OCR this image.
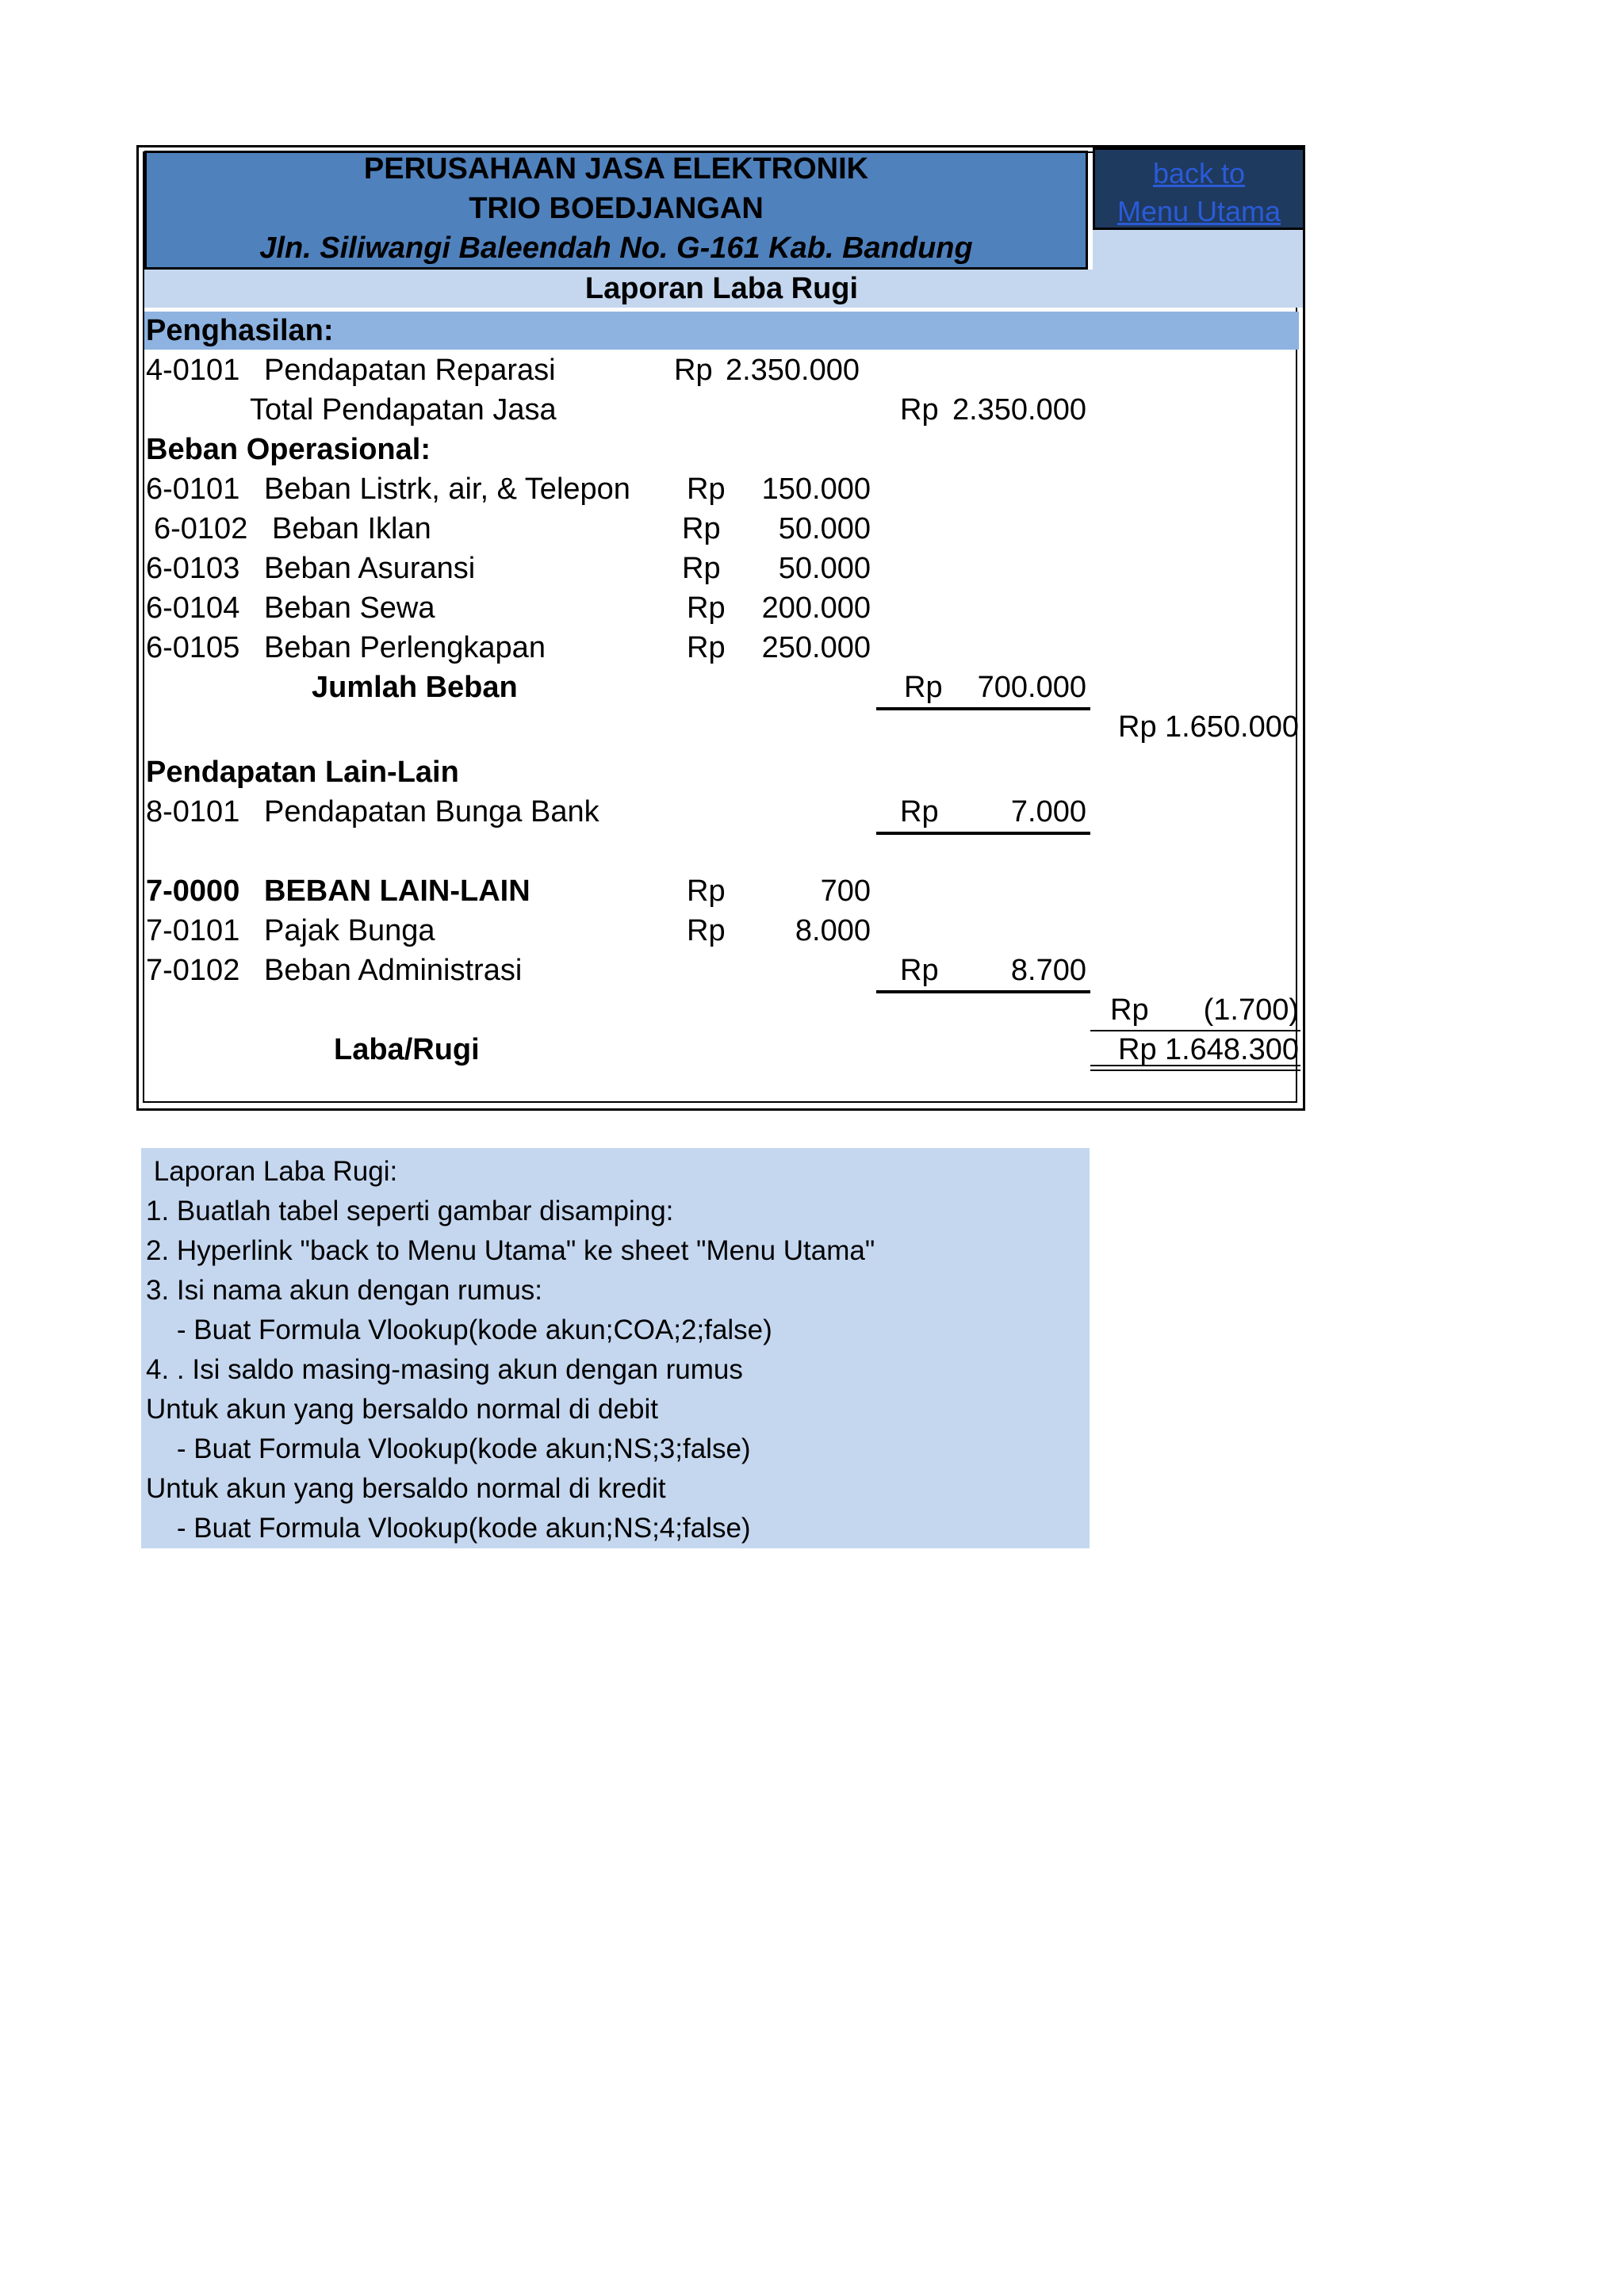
PERUSAHAAN JASA ELEKTRONIK
TRIO BOEDJANGAN
Jln. Siliwangi Baleendah No. G-161 Kab. Bandung
back to
Menu Utama
Laporan Laba Rugi
Penghasilan:
4-0101 Pendapatan Reparasi	Rp 2.350.000
Total Pendapatan Jasa	Rp 2.350.000
Beban Operasional:
6-0101 Beban Listrk, air, & Telepon Rp	150.000
6-0102 Beban Iklan	Rp	50.000
6-0103 Beban Asuransi	Rp	50.000
6-0104 Beban Sewa	Rp	200.000
6-0105 Beban Perlengkapan	Rp	250.000
Jumlah Beban	Rp	700.000
Rp 1.650.000
Pendapatan Lain-Lain
8-0101 Pendapatan Bunga Bank	Rp	7.000
7-0000 BEBAN LAIN-LAIN	Rp	700
7-0101 Pajak Bunga	Rp	8.000
7-0102 Beban Administrasi	Rp	8.700
Rp	(1.700)
Laba/Rugi	Rp 1.648.300
Laporan Laba Rugi:
1. Buatlah tabel seperti gambar disamping:
2. Hyperlink "back to Menu Utama" ke sheet "Menu Utama"
3. Isi nama akun dengan rumus:
- Buat Formula Vlookup(kode akun;COA;2;false)
4. . Isi saldo masing-masing akun dengan rumus
Untuk akun yang bersaldo normal di debit
- Buat Formula Vlookup(kode akun;NS;3;false)
Untuk akun yang bersaldo normal di kredit
- Buat Formula Vlookup(kode akun;NS;4;false)
